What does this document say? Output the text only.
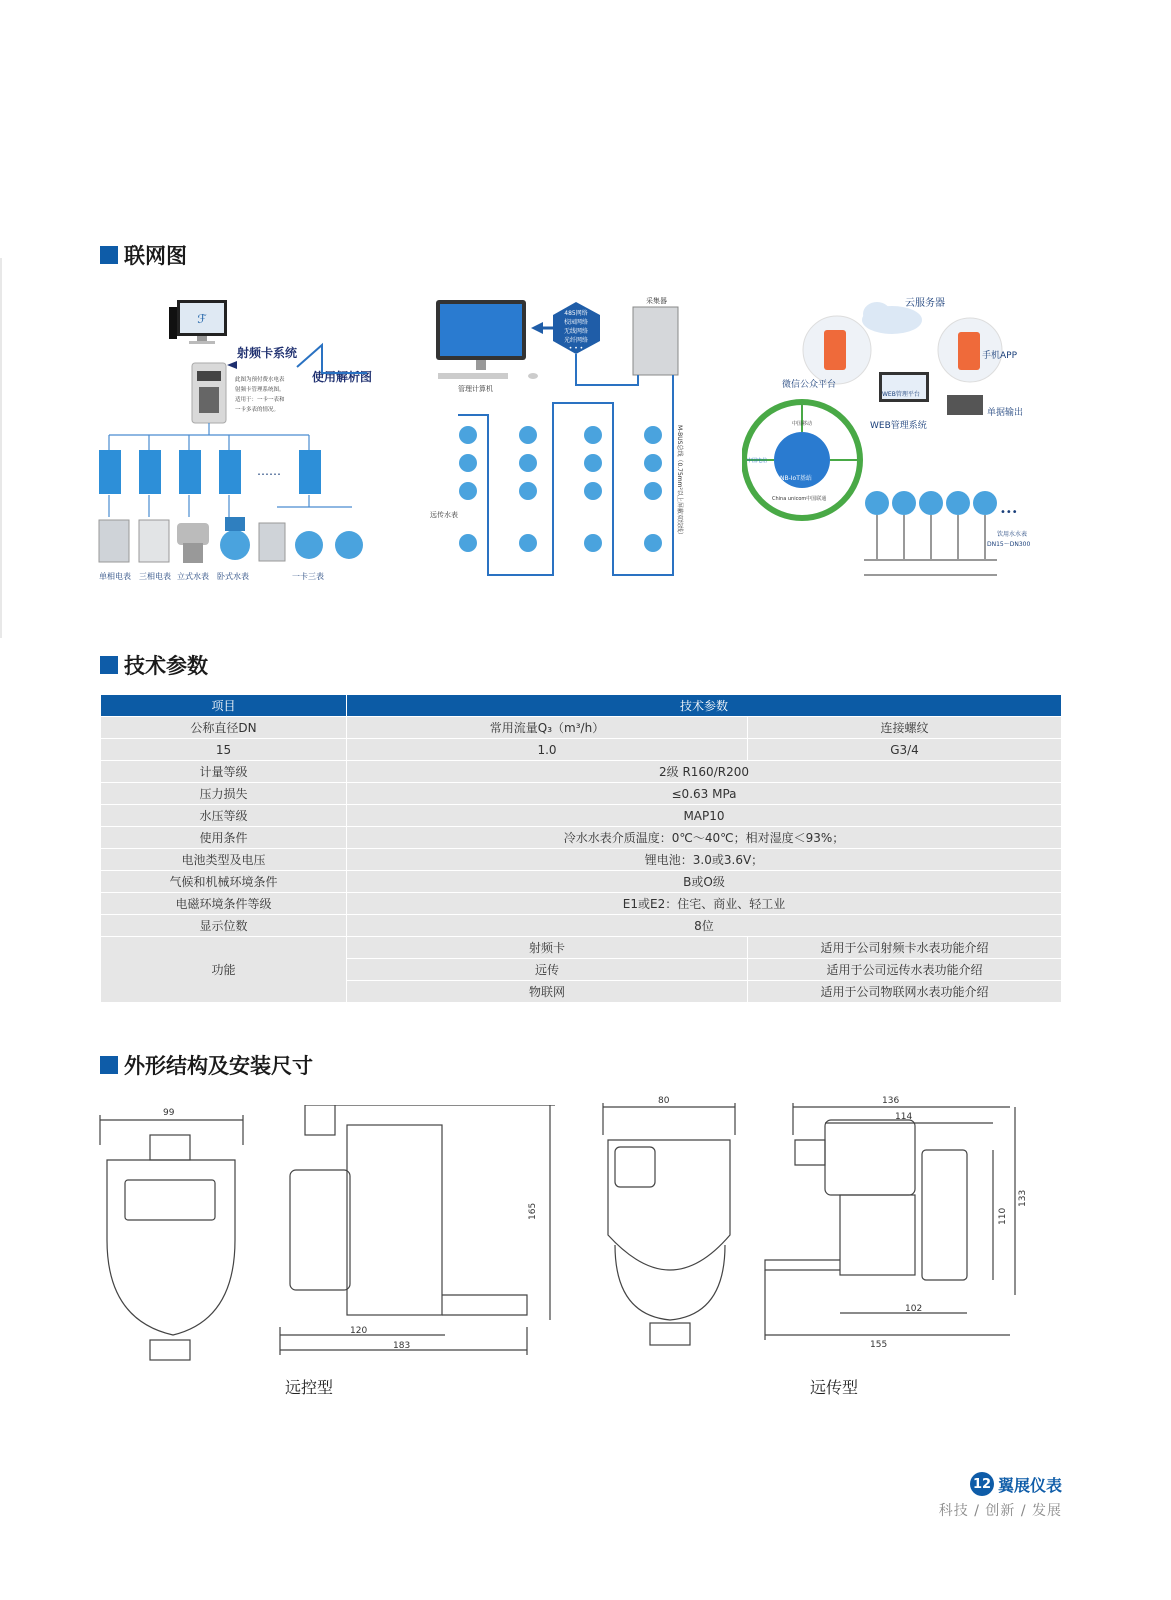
联网图
ℱ
射频卡系统
使用解析图
此图为预付费水电表
射频卡管理系统图。
适用于：一卡一表和
一卡多表的情况。
……
单相电表 三相电表 立式水表 卧式水表	一卡三表
管理计算机
485网络
校园网络
无线网络
光纤网络
• • •
采集器
M-BUS总线（0.75mm²以上屏蔽双绞线）
远传水表
云服务器
微信公众平台
手机APP
WEB管理平台
WEB管理系统
单据输出
中国移动
中国电信
NB-IoT基站
China unicom中国联通
•••
饮用水水表
DN15～DN300
技术参数
项目	技术参数	
公称直径DN	常用流量Q₃（m³/h）	连接螺纹
15	1.0	G3/4
计量等级	2级 R160/R200	
压力损失	≤0.63 MPa	
水压等级	MAP10	
使用条件	冷水水表介质温度：0℃～40℃；相对湿度＜93%；	
电池类型及电压	锂电池：3.0或3.6V；	
气候和机械环境条件	B或O级	
电磁环境条件等级	E1或E2：住宅、商业、轻工业	
显示位数	8位	
功能	射频卡	适用于公司射频卡水表功能介绍
	远传	适用于公司远传水表功能介绍
	物联网	适用于公司物联网水表功能介绍
外形结构及安装尺寸
99
165
120
183
远控型
80	136
114
110
133
102
155
远传型
12 翼展仪表
科技 / 创新 / 发展
